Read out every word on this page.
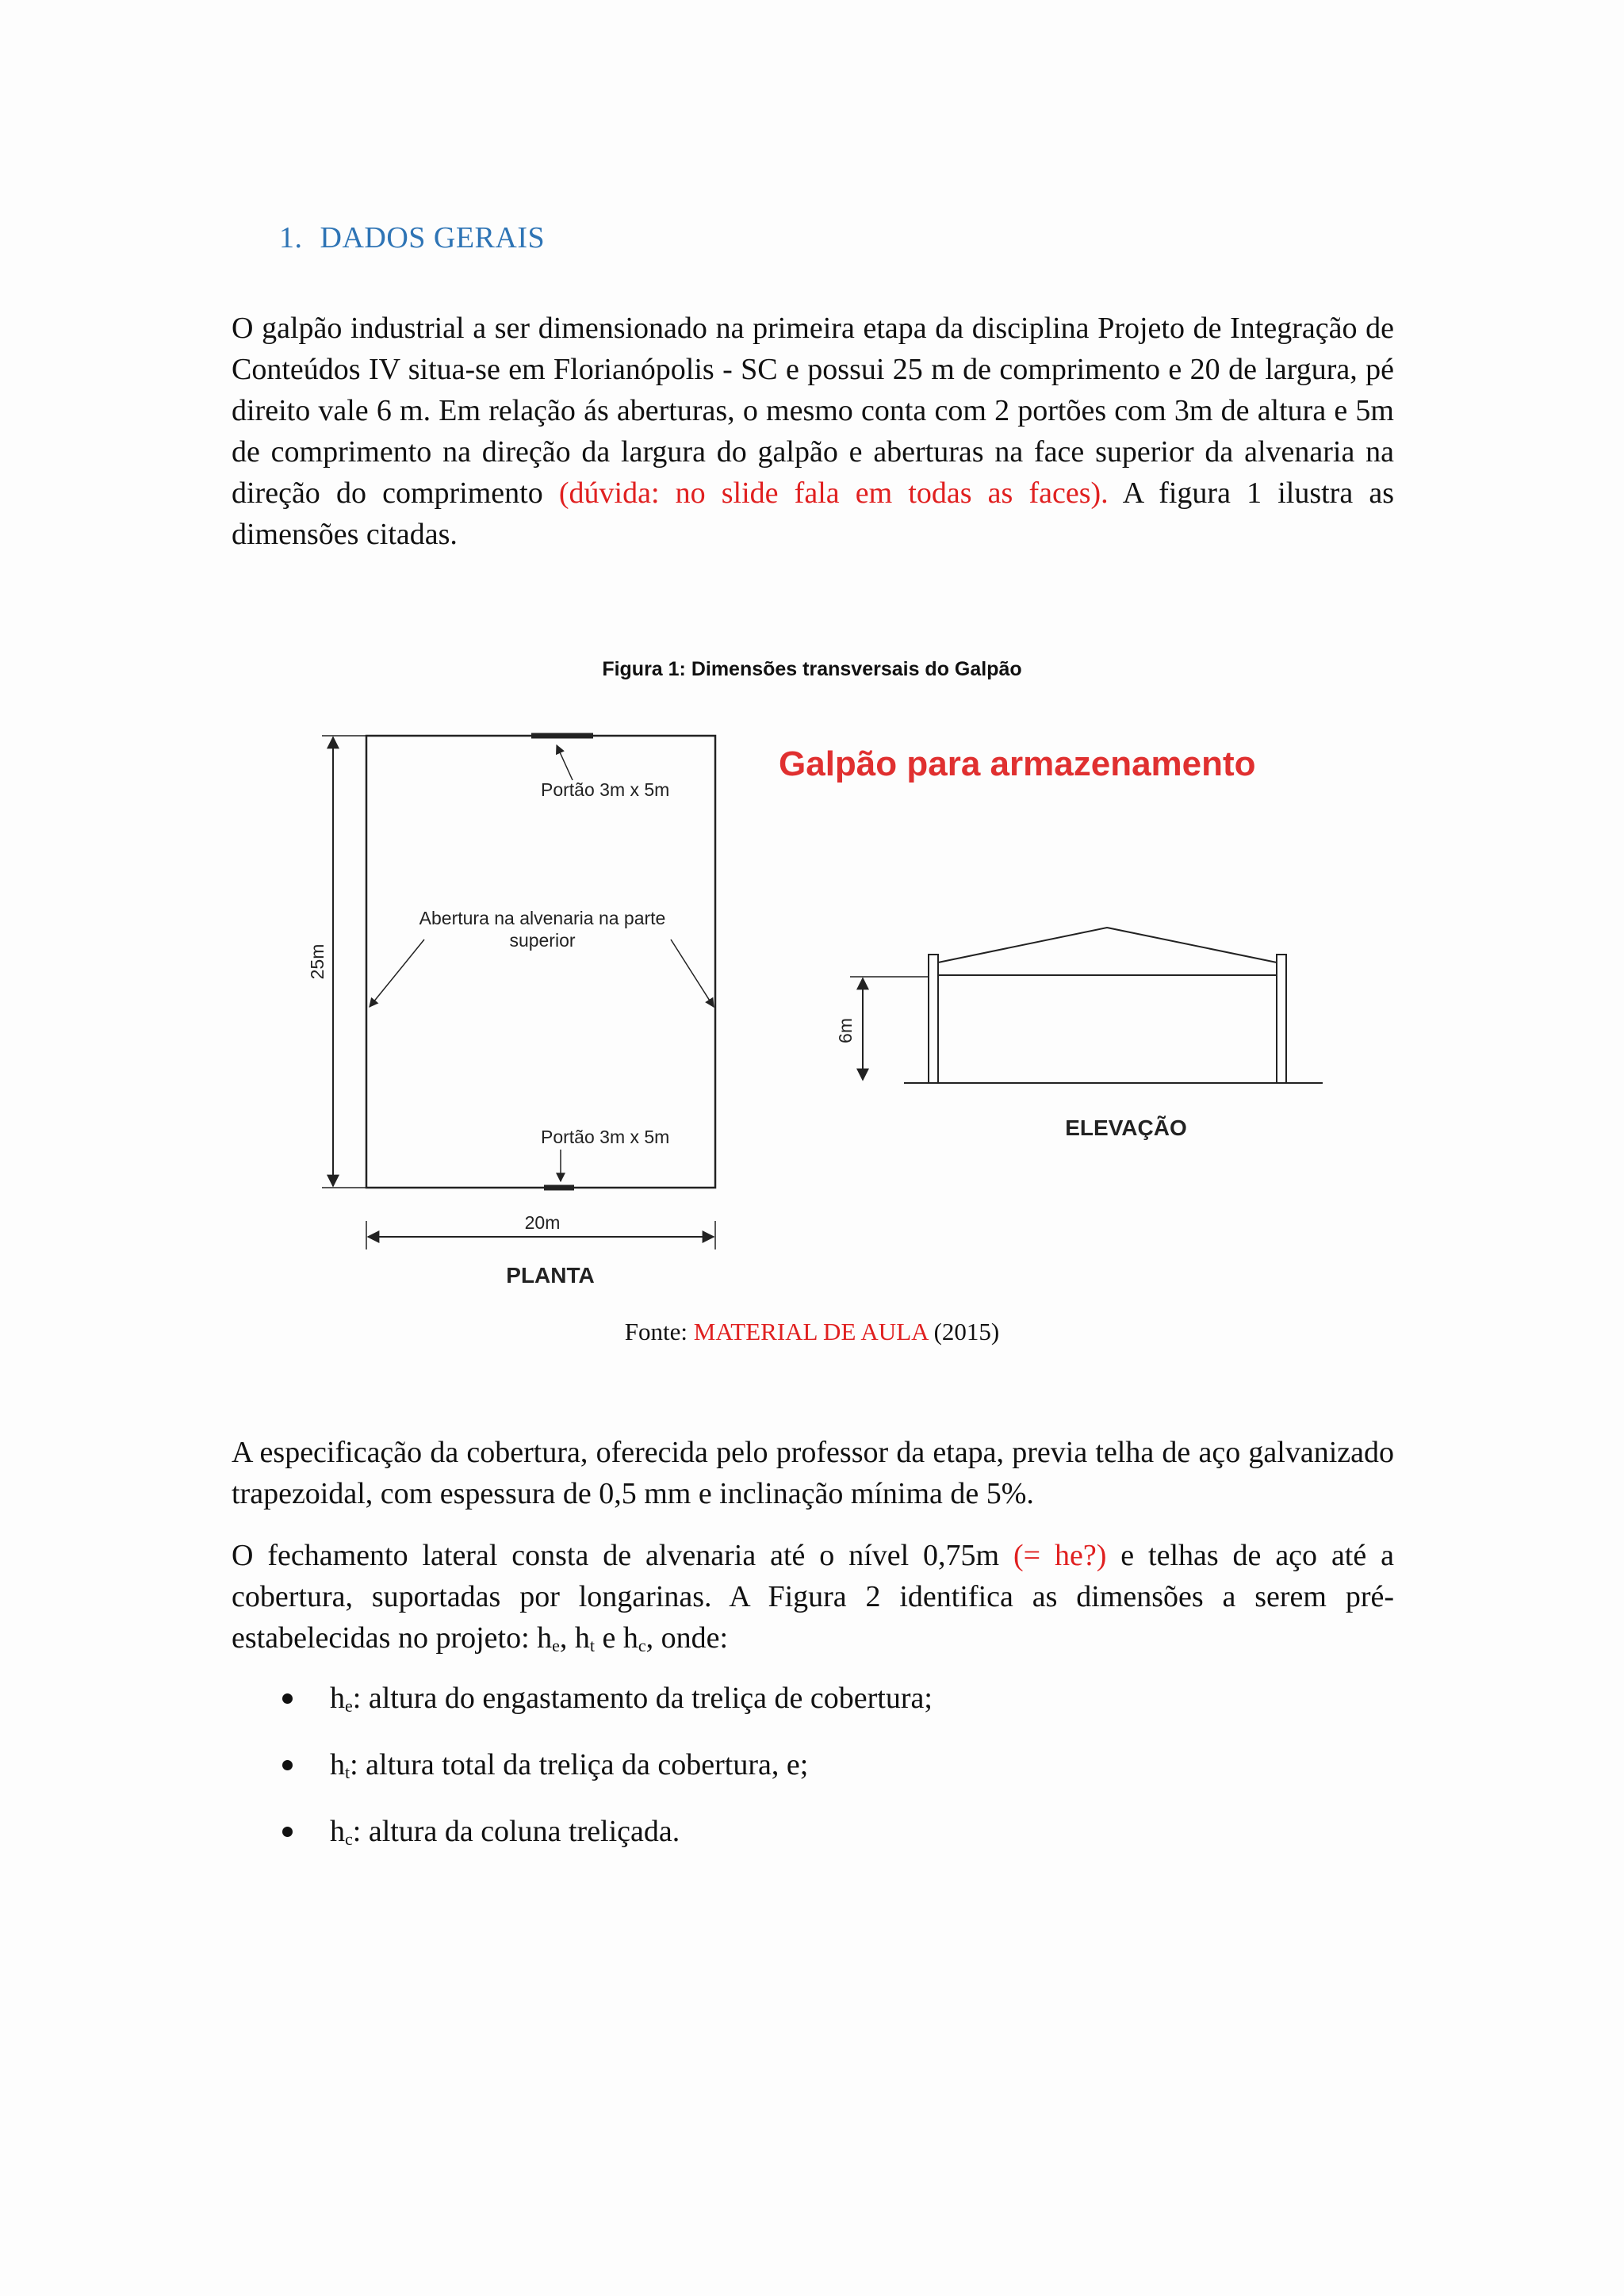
1. DADOS GERAIS

O galpão industrial a ser dimensionado na primeira etapa da disciplina Projeto de Integração de Conteúdos IV situa-se em Florianópolis - SC e possui 25 m de comprimento e 20 de largura, pé direito vale 6 m. Em relação ás aberturas, o mesmo conta com 2 portões com 3m de altura e 5m de comprimento na direção da largura do galpão e aberturas na face superior da alvenaria na direção do comprimento (dúvida: no slide fala em todas as faces). A figura 1 ilustra as dimensões citadas.

Figura 1: Dimensões transversais do Galpão
Portão 3m x 5m
Abertura na alvenaria na parte
superior
Portão 3m x 5m
20m
25m
PLANTA
Galpão para armazenamento
6m
ELEVAÇÃO
Fonte: MATERIAL DE AULA (2015)

A especificação da cobertura, oferecida pelo professor da etapa, previa telha de aço galvanizado trapezoidal, com espessura de 0,5 mm e inclinação mínima de 5%.

O fechamento lateral consta de alvenaria até o nível 0,75m (= he?) e telhas de aço até a cobertura, suportadas por longarinas. A Figura 2 identifica as dimensões a serem pré-estabelecidas no projeto: $h_e$, $h_t$ e $h_c$, onde:

$h_e$: altura do engastamento da treliça de cobertura;
$h_t$: altura total da treliça da cobertura, e;
$h_c$: altura da coluna treliçada.
